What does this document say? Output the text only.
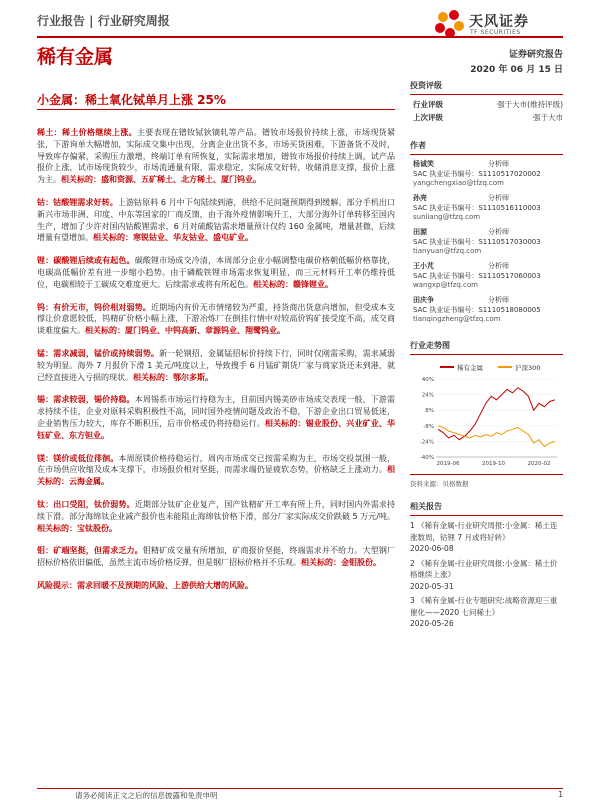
行业报告 | 行业研究周报	天风证券
TF SECURITIES
稀有金属	证券研究报告
2020 年 06 月 15 日
小金属：稀土氧化铽单月上涨 25%
稀土：稀土价格继续上涨。主要表现在镨钕铽钬镝轧等产品。镨钕市场报价持续上涨，市场现货紧张，下游询单大幅增加，实际成交集中出现，分离企业出货不多，市场买货困难，下游备货不及时，导致库存偏紧，采购压力激增，终端订单有所恢复，实际需求增加，镨钕市场报价持续上调。试产品报价上涨，试市场现货较少，市场流通量有限，需求稳定，实际成交好转，收储消息支撑，报价上涨为主。相关标的：盛和资源、五矿稀土、北方稀土、厦门钨业。
钴：钴酸锂需求好转。上游钴原料 6 月中下旬陆续到港，供给不足问题预期得到缓解。部分手机出口新兴市场非洲、印度、中东等国家的厂商反馈，由于海外疫情影响开工，大部分海外订单转移至国内生产，增加了少许对国内钴酸锂需求，6 月对硫酸钴需求增量预计仅约 160 金属吨，增量甚微，后续增量有望增加。相关标的：寒锐钴业、华友钴业、盛屯矿业。
锂：碳酸锂后续或有起色。碳酸锂市场成交冷清，本周部分企业小幅调整电碳价格朝低幅价格靠拢，电碳高低幅价差有进一步缩小趋势。由于磷酸铁锂市场需求恢复明显，而三元材料开工率仍维持低位，电碳相较于工碳成交难度更大。后续需求或将有所起色。相关标的：赣锋锂业。
钨：有价无市，钨价相对弱势。近期场内有价无市情绪较为严重，持货商出货意向增加，但受成本支撑让价意愿较低，钨精矿价格小幅上涨，下游冶炼厂在倒挂行情中对较高价钨矿接受度不高，成交商谈难度偏大。相关标的：厦门钨业、中钨高新、章源钨业、翔鹭钨业。
锰：需求减弱，锰价或持续弱势。新一轮钢招、金属锰招标价持续下行，同时仅刚需采购，需求减弱较为明显。海外 7 月报价下滑 1 美元/吨度以上，导致搜手 6 月锰矿期货厂家与商家货还未到港，就已经直接进入亏损的现状。相关标的：鄂尔多斯。
锡：需求较弱，锡价持稳。本周锡系市场运行持稳为主，目前国内锡美砂市场成交表现一般，下游需求持续不佳，企业对原料采购积极性不高，同时国外疫情问题及政治不稳，下游企业出口贸易低迷，企业销售压力较大，库存不断积压，后市价格或仍将持稳运行。相关标的：锡业股份、兴业矿业、华钰矿业、东方钽业。
镁：镁价或低位徘徊。本周原镁价格持稳运行，周内市场成交已按需采购为主，市场交投氛围一般，在市场供应收缩及成本支撑下，市场报价相对坚挺，而需求端仍显疲软态势，价格缺乏上涨动力。相关标的：云海金属。
钛：出口受阻，钛价弱势。近期部分钛矿企业复产，国产钛精矿开工率有所上升，同时国内外需求持续下滑。部分海绵钛企业减产报价也未能阻止海绵钛价格下滑，部分厂家实际成交价跌破 5 万元/吨。相关标的：宝钛股份。
钼：矿端坚挺，但需求乏力。钼精矿成交量有所增加，矿商报价坚挺，终端需求并不给力。大型钢厂招标价格依旧偏低，虽然主流市场价格反弹，但是钢厂招标价格并不乐观。相关标的：金钼股份。
风险提示：需求回暖不及预期的风险、上游供给大增的风险。
投资评级
行业评级	强于大市(维持评级)
上次评级	强于大市
作者
杨诚笑	分析师
SAC 执业证书编号：S1110517020002
yangchengxiao@tfzq.com
孙亮	分析师
SAC 执业证书编号：S1110516110003
sunliang@tfzq.com
田源	分析师
SAC 执业证书编号：S1110517030003
tianyuan@tfzq.com
王小芃	分析师
SAC 执业证书编号：S1110517060003
wangxp@tfzq.com
田庆争	分析师
SAC 执业证书编号：S1110518080005
tianqingzheng@tfzq.com
行业走势图
稀有金属	沪深300
40%
24%
8%
-8%
-24%
-40%
2019-06	2019-10	2020-02
资料来源：贝格数据
相关报告
1 《稀有金属-行业研究周报:小金属：稀土连涨数周，钴锂 7 月或将好转》
2020-06-08
2 《稀有金属-行业研究周报:小金属：稀土价格继续上涨》
2020-05-31
3 《稀有金属-行业专题研究:战略资源迎三重催化——2020 七问稀土》
2020-05-26
请务必阅读正文之后的信息披露和免责申明	1
